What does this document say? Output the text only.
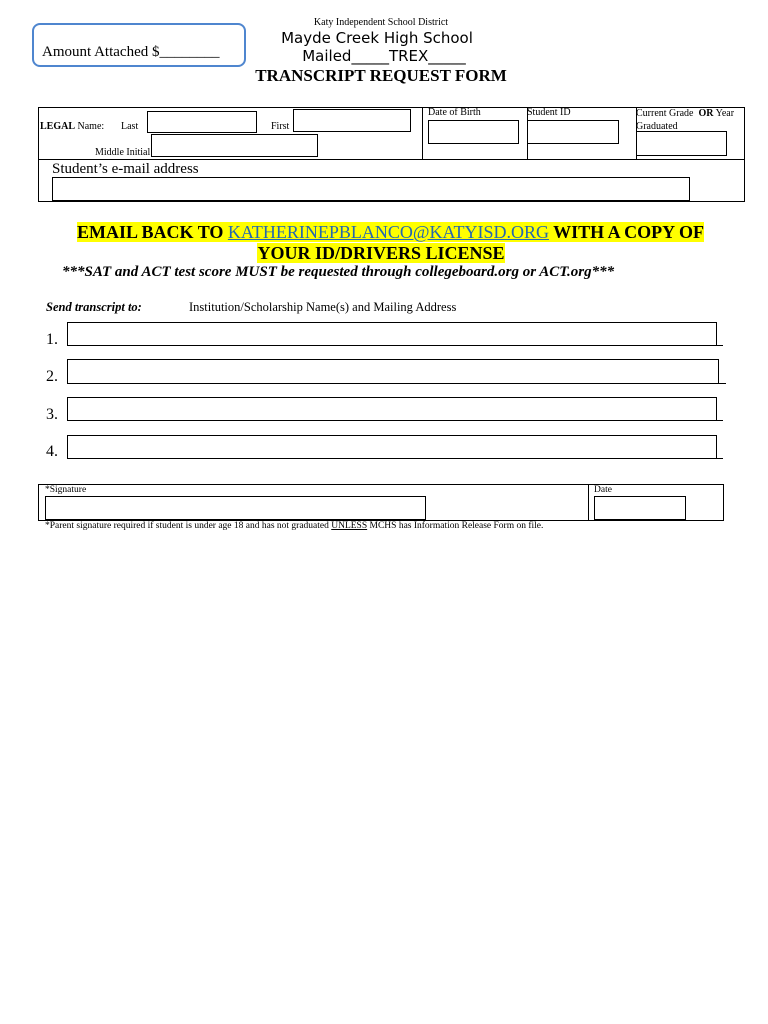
Amount Attached $________
Katy Independent School District
Mayde Creek High School
Mailed_____TREX_____
TRANSCRIPT REQUEST FORM
LEGAL Name: Last	First
Middle Initial
Date of Birth	Student ID	Current Grade OR Year
Graduated
Student’s e-mail address
EMAIL BACK TO KATHERINEPBLANCO@KATYISD.ORG WITH A COPY OF
YOUR ID/DRIVERS LICENSE
***SAT and ACT test score MUST be requested through collegeboard.org or ACT.org***
Send transcript to:	Institution/Scholarship Name(s) and Mailing Address
1.
2.
3.
4.
*Signature	Date
*Parent signature required if student is under age 18 and has not graduated UNLESS MCHS has Information Release Form on file.
